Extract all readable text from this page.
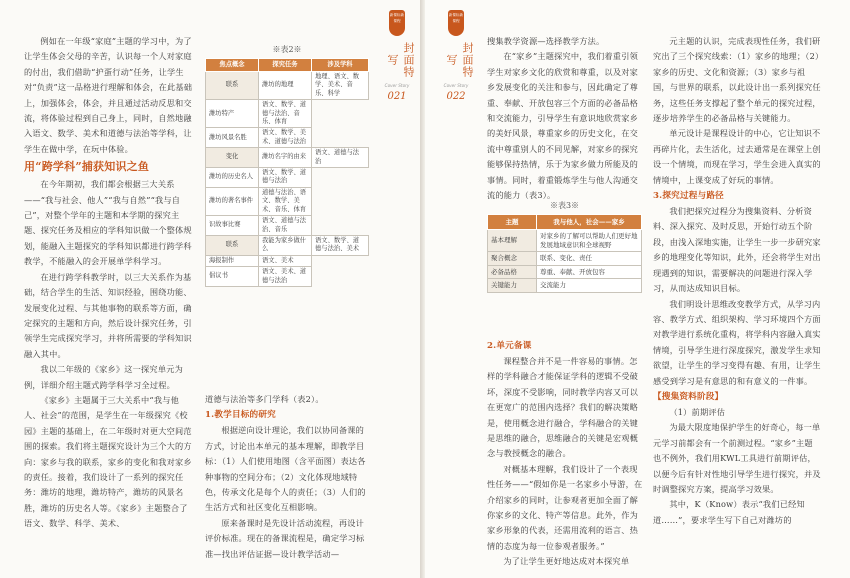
例如在一年级“家庭”主题的学习中，为了让学生体会父母的辛苦，认识每一个人对家庭的付出，我们借助“护蛋行动”任务，让学生对“负责”这一品格进行理解和体会，在此基础上，加强体会，体会，并且通过活动反思和交流，将体验过程到自己身上，同时，自然地融入语文、数学、美术和道德与法治等学科，让学生在做中学，在玩中体验。

用“跨学科”捕获知识之鱼

在今年期初，我们都会根据三大关系——“我与社会、他人”“我与自然”“我与自己”，对整个学年的主题和本学期的探究主题、探究任务及相应的学科知识做一个整体规划，能融入主题探究的学科知识都进行跨学科教学，不能融入的会开展单学科学习。

在进行跨学科教学时，以三大关系作为基础，结合学生的生活、知识经验，围绕功能、发展变化过程、与其他事物的联系等方面，确定探究的主题和方向，然后设计探究任务，引领学生完成探究学习，并将所需要的学科知识融入其中。

我以二年级的《家乡》这一探究单元为例，详细介绍主题式跨学科学习全过程。

《家乡》主题属于三大关系中“我与他人、社会”的范围，是学生在一年级探究《校园》主题的基础上，在二年级时对更大空间范围的探索。我们将主题探究设计为三个大的方向：家乡与我的联系，家乡的变化和我对家乡的责任。接着，我们设计了一系列的探究任务：潍坊的地理，潍坊特产，潍坊的风景名胜，潍坊的历史名人等。《家乡》主题整合了语文、数学、科学、美术、

※表2※
焦点概念	探究任务	涉及学科
联系	潍坊的地理	地理、语文、数学、美术、音乐、科学
潍坊特产	语文、数学、道德与法治、音乐、体育	
潍坊风景名胜	语文、数学、美术、道德与法治	
变化	潍坊名字的由来	语文、道德与法治
潍坊的历史名人	语文、数学、道德与法治	
潍坊的著名事件	道德与法治、语文、数学、美术、音乐、体育	
识故事比赛	语文、道德与法治、音乐	
联系	我能为家乡做什么	语文、数学、道德与法治、美术
海报制作	语文、美术	
倡议书	语文、美术、道德与法治	

道德与法治等多门学科（表2）。

1.教学目标的研究

根据逆向设计理论，我们以协同备课的方式，讨论出本单元的基本理解，即教学目标：（1）人们使用地图（含平面图）表达各种事物的空间分布；（2）文化体现地域特色，传承文化是每个人的责任；（3）人们的生活方式和社区变化互相影响。

原来备课时是先设计活动流程，再设计评价标准。现在的备课流程是，确定学习标准—找出评估证据—设计教学活动—

新课标新课程
封面特写
Cover Story
021
新课标新课程
封面特写
Cover Story
022

搜集教学资源—选择教学方法。

在“家乡”主题探究中，我们着重引领学生对家乡文化的欣赏和尊重，以及对家乡发展变化的关注和参与，因此确定了尊重、奉献、开放包容三个方面的必备品格和交流能力，引导学生有意识地欣赏家乡的美好风景，尊重家乡的历史文化，在交流中尊重别人的不同见解，对家乡的探究能够保持热情，乐于为家乡做力所能及的事情。同时，着重锻炼学生与他人沟通交流的能力（表3）。

2.单元备课

课程整合并不是一件容易的事情。怎样的学科融合才能保证学科的逻辑不受破坏，深度不受影响，同时教学内容又可以在更宽广的范围内选择？我们的解决策略是，使用概念进行融合，学科融合的关键是思维的融合，思维融合的关键是宏观概念与教授概念的融合。

对概基本理解，我们设计了一个表现性任务——“假如你是一名家乡小导游，在介绍家乡的同时，让参观者更加全面了解你家乡的文化、特产等信息。此外，作为家乡形象的代表，还需用流利的语言、热情的态度为每一位参观者服务。”

为了让学生更好地达成对本探究单

元主题的认识，完成表现性任务，我们研究出了三个探究线索：（1）家乡的地理；（2）家乡的历史、文化和资源；（3）家乡与祖国，与世界的联系，以此设计出一系列探究任务，这些任务支撑起了整个单元的探究过程，逐步培养学生的必备品格与关键能力。

单元设计是课程设计的中心，它让知识不再碎片化，去生活化，过去通常是在课堂上创设一个情境，而现在学习，学生会进入真实的情境中，上课变成了好玩的事情。

3.探究过程与路径

我们把探究过程分为搜集资料、分析资料、深入探究、及时反思，开始行动五个阶段，由浅入深地实施，让学生一步一步研究家乡的地理变化等知识，此外，还会将学生对出现遇到的知识，需要解决的问题进行深入学习，从而达成知识目标。

我们明设计思维改变教学方式，从学习内容、教学方式、组织架构、学习环境四个方面对教学进行系统化重构，将学科内容融入真实情境，引导学生进行深度探究，激发学生求知欲望，让学生的学习变得有趣、有用，让学生感受到学习是有意思的和有意义的一件事。

【搜集资料阶段】

（1）前期评估

为最大限度地保护学生的好奇心，每一单元学习前都会有一个前测过程。“家乡”主题也不例外，我们用KWL工具进行前期评估，以便今后有针对性地引导学生进行探究，并及时调整探究方案，提高学习效果。

其中，K（Know）表示“我们已经知道……”，要求学生写下自己对潍坊的

※表3※
主题	我与他人，社会——家乡
基本理解	对家乡的了解可以帮助人们更好地发展地域意识和全球视野
聚合概念	联系、变化、责任
必备品格	尊重、奉献、开放包容
关键能力	交流能力
